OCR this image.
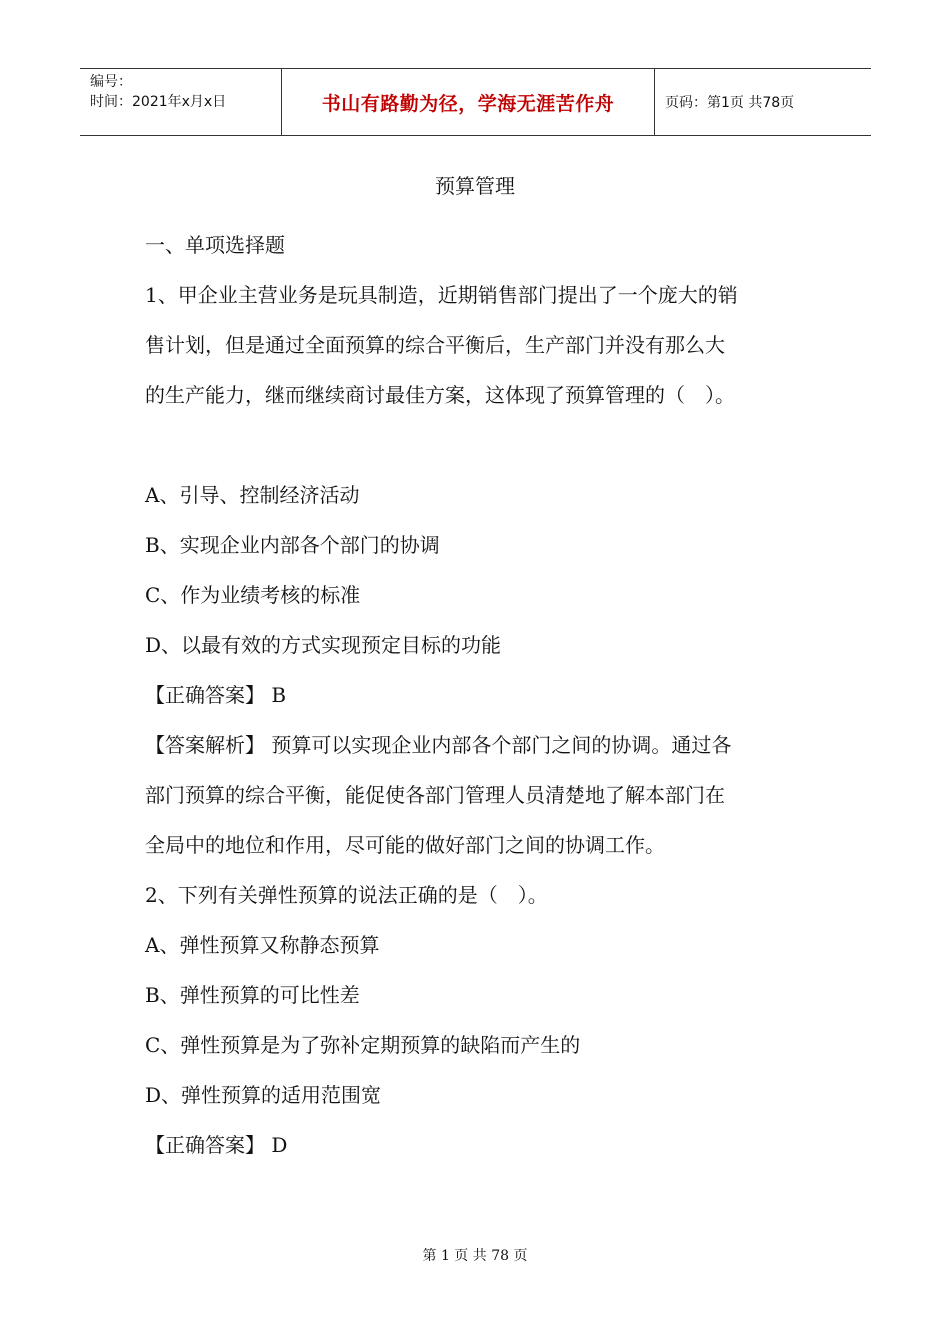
编号：
时间：2021年x月x日	书山有路勤为径，学海无涯苦作舟	页码：第1页 共78页
预算管理

一、单项选择题

1、甲企业主营业务是玩具制造，近期销售部门提出了一个庞大的销

售计划，但是通过全面预算的综合平衡后，生产部门并没有那么大

的生产能力，继而继续商讨最佳方案，这体现了预算管理的（　）。

A、引导、控制经济活动

B、实现企业内部各个部门的协调

C、作为业绩考核的标准

D、以最有效的方式实现预定目标的功能

【正确答案】 B

【答案解析】 预算可以实现企业内部各个部门之间的协调。通过各

部门预算的综合平衡，能促使各部门管理人员清楚地了解本部门在

全局中的地位和作用，尽可能的做好部门之间的协调工作。

2、下列有关弹性预算的说法正确的是（　）。

A、弹性预算又称静态预算

B、弹性预算的可比性差

C、弹性预算是为了弥补定期预算的缺陷而产生的

D、弹性预算的适用范围宽

【正确答案】 D

第 1 页 共 78 页
